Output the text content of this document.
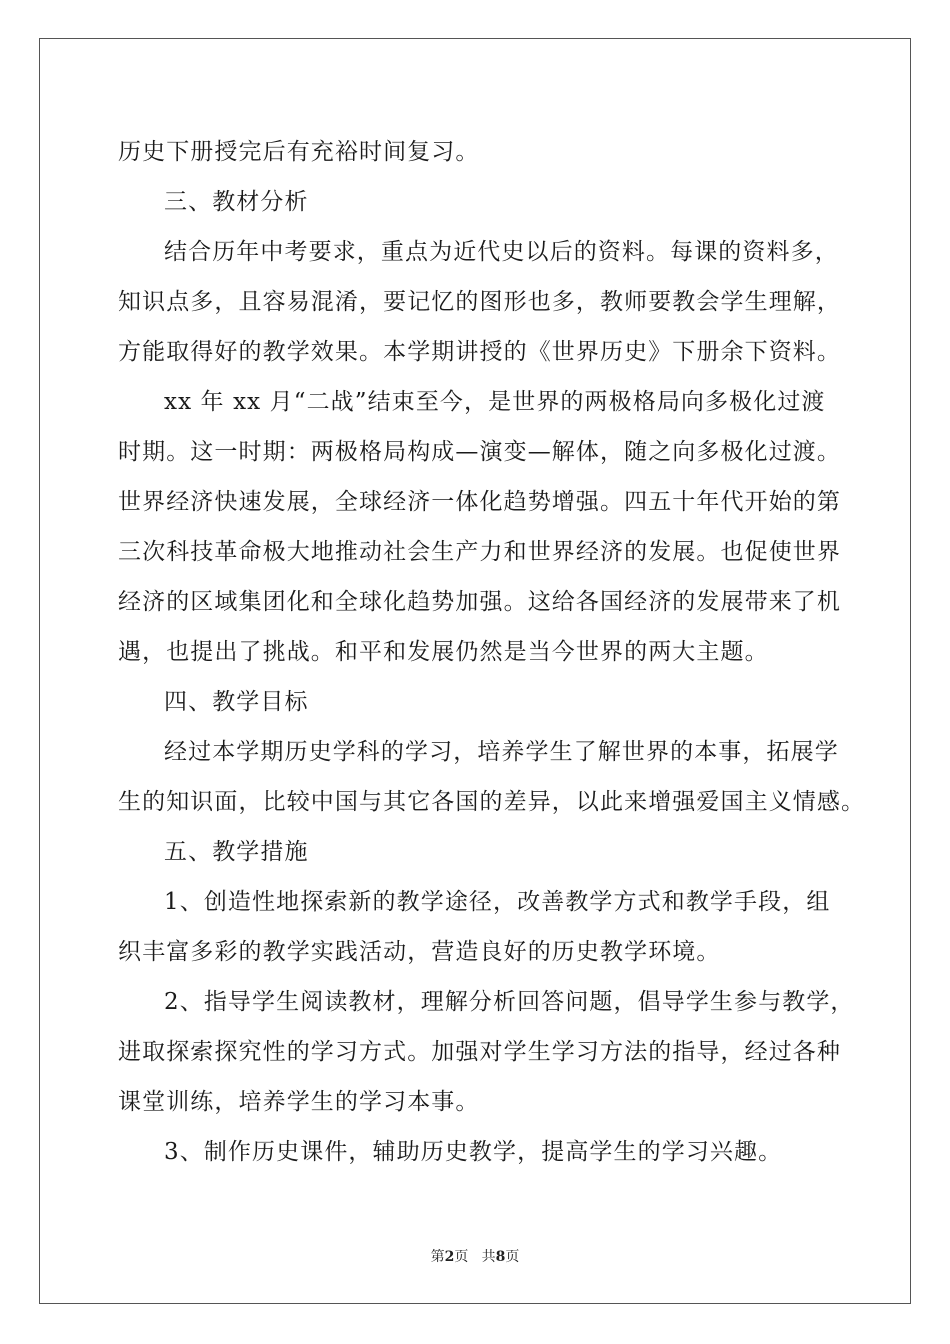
历史下册授完后有充裕时间复习。

三、教材分析

结合历年中考要求，重点为近代史以后的资料。每课的资料多，

知识点多，且容易混淆，要记忆的图形也多，教师要教会学生理解，

方能取得好的教学效果。本学期讲授的《世界历史》下册余下资料。

xx 年 xx 月“二战”结束至今，是世界的两极格局向多极化过渡

时期。这一时期：两极格局构成—演变—解体，随之向多极化过渡。

世界经济快速发展，全球经济一体化趋势增强。四五十年代开始的第

三次科技革命极大地推动社会生产力和世界经济的发展。也促使世界

经济的区域集团化和全球化趋势加强。这给各国经济的发展带来了机

遇，也提出了挑战。和平和发展仍然是当今世界的两大主题。

四、教学目标

经过本学期历史学科的学习，培养学生了解世界的本事，拓展学

生的知识面，比较中国与其它各国的差异，以此来增强爱国主义情感。

五、教学措施

1、创造性地探索新的教学途径，改善教学方式和教学手段，组

织丰富多彩的教学实践活动，营造良好的历史教学环境。

2、指导学生阅读教材，理解分析回答问题，倡导学生参与教学，

进取探索探究性的学习方式。加强对学生学习方法的指导，经过各种

课堂训练，培养学生的学习本事。

3、制作历史课件，辅助历史教学，提高学生的学习兴趣。

第2页 共8页
